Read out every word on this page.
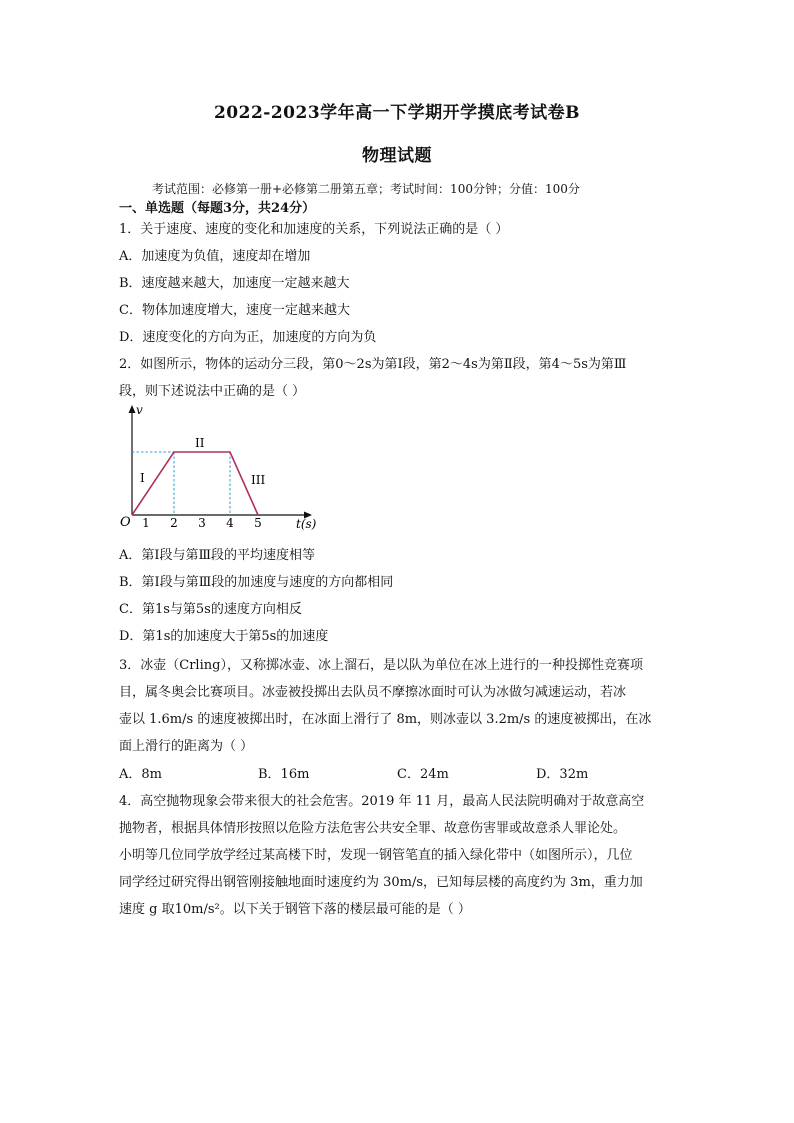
2022-2023学年高一下学期开学摸底考试卷B
物理试题
考试范围：必修第一册+必修第二册第五章；考试时间：100分钟；分值：100分
一、单选题（每题3分，共24分）
1．关于速度、速度的变化和加速度的关系，下列说法正确的是（ ）
A．加速度为负值，速度却在增加
B．速度越来越大，加速度一定越来越大
C．物体加速度增大，速度一定越来越大
D．速度变化的方向为正，加速度的方向为负
2．如图所示，物体的运动分三段，第0～2s为第Ⅰ段，第2～4s为第Ⅱ段，第4～5s为第Ⅲ
段，则下述说法中正确的是（ ）
v
O 1 2 3 4 5	t(s)
I
II
III
A．第Ⅰ段与第Ⅲ段的平均速度相等
B．第Ⅰ段与第Ⅲ段的加速度与速度的方向都相同
C．第1s与第5s的速度方向相反
D．第1s的加速度大于第5s的加速度
3．冰壶（Crling），又称掷冰壶、冰上溜石，是以队为单位在冰上进行的一种投掷性竞赛项
目，属冬奥会比赛项目。冰壶被投掷出去队员不摩擦冰面时可认为冰做匀减速运动，若冰
壶以 1.6m/s 的速度被掷出时，在冰面上滑行了 8m，则冰壶以 3.2m/s 的速度被掷出，在冰
面上滑行的距离为（ ）
A．8m	B．16m	C．24m	D．32m
4．高空抛物现象会带来很大的社会危害。2019 年 11 月，最高人民法院明确对于故意高空
抛物者，根据具体情形按照以危险方法危害公共安全罪、故意伤害罪或故意杀人罪论处。
小明等几位同学放学经过某高楼下时，发现一钢管笔直的插入绿化带中（如图所示），几位
同学经过研究得出钢管刚接触地面时速度约为 30m/s，已知每层楼的高度约为 3m，重力加
速度 g 取10m/s²。以下关于钢管下落的楼层最可能的是（ ）
